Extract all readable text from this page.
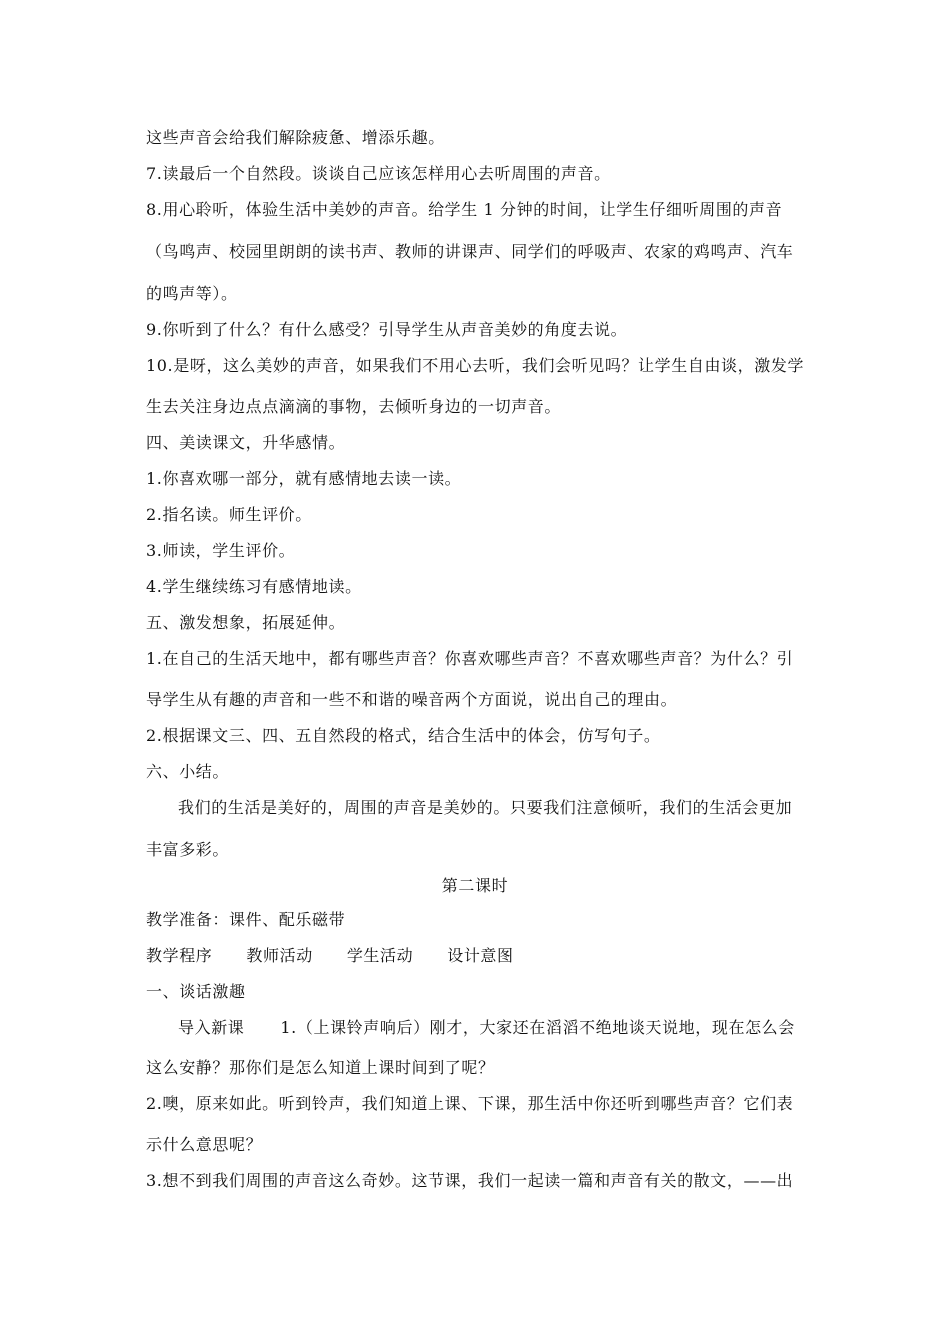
这些声音会给我们解除疲惫、增添乐趣。
7.读最后一个自然段。谈谈自己应该怎样用心去听周围的声音。
8.用心聆听，体验生活中美妙的声音。给学生 1 分钟的时间，让学生仔细听周围的声音
（鸟鸣声、校园里朗朗的读书声、教师的讲课声、同学们的呼吸声、农家的鸡鸣声、汽车
的鸣声等）。
9.你听到了什么？有什么感受？引导学生从声音美妙的角度去说。
10.是呀，这么美妙的声音，如果我们不用心去听，我们会听见吗？让学生自由谈，激发学
生去关注身边点点滴滴的事物，去倾听身边的一切声音。
四、美读课文，升华感情。
1.你喜欢哪一部分，就有感情地去读一读。
2.指名读。师生评价。
3.师读，学生评价。
4.学生继续练习有感情地读。
五、激发想象，拓展延伸。
1.在自己的生活天地中，都有哪些声音？你喜欢哪些声音？不喜欢哪些声音？为什么？引
导学生从有趣的声音和一些不和谐的噪音两个方面说，说出自己的理由。
2.根据课文三、四、五自然段的格式，结合生活中的体会，仿写句子。
六、小结。
我们的生活是美好的，周围的声音是美妙的。只要我们注意倾听，我们的生活会更加
丰富多彩。
第二课时
教学准备：课件、配乐磁带
教学程序 教师活动 学生活动 设计意图
一、谈话激趣
导入新课 1.（上课铃声响后）刚才，大家还在滔滔不绝地谈天说地，现在怎么会
这么安静？那你们是怎么知道上课时间到了呢？
2.噢，原来如此。听到铃声，我们知道上课、下课，那生活中你还听到哪些声音？它们表
示什么意思呢？
3.想不到我们周围的声音这么奇妙。这节课，我们一起读一篇和声音有关的散文，——出
